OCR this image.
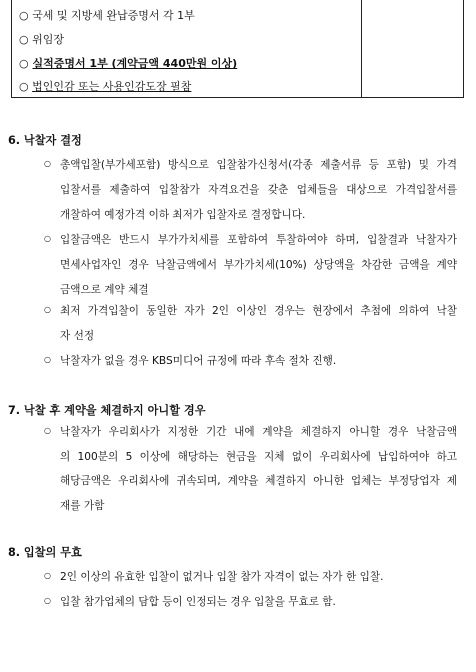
○ 국세 및 지방세 완납증명서 각 1부
○ 위임장
○ 실적증명서 1부 (계약금액 440만원 이상)
○ 법인인감 또는 사용인감도장 필참
6. 낙찰자 결정
○ 총액입찰(부가세포함) 방식으로 입찰참가신청서(각종 제출서류 등 포함) 및 가격
입찰서를 제출하여 입찰참가 자격요건을 갖춘 업체들을 대상으로 가격입찰서를
개찰하여 예정가격 이하 최저가 입찰자로 결정합니다.
○ 입찰금액은 반드시 부가가치세를 포함하여 투찰하여야 하며, 입찰결과 낙찰자가
면세사업자인 경우 낙찰금액에서 부가가치세(10%) 상당액을 차감한 금액을 계약
금액으로 계약 체결
○ 최저 가격입찰이 동일한 자가 2인 이상인 경우는 현장에서 추첨에 의하여 낙찰
자 선정
○ 낙찰자가 없을 경우 KBS미디어 규정에 따라 후속 절차 진행.
7. 낙찰 후 계약을 체결하지 아니할 경우
○ 낙찰자가 우리회사가 지정한 기간 내에 계약을 체결하지 아니할 경우 낙찰금액
의 100분의 5 이상에 해당하는 현금을 지체 없이 우리회사에 납입하여야 하고
해당금액은 우리회사에 귀속되며, 계약을 체결하지 아니한 업체는 부정당업자 제
재를 가함
8. 입찰의 무효
○ 2인 이상의 유효한 입찰이 없거나 입찰 참가 자격이 없는 자가 한 입찰.
○ 입찰 참가업체의 담합 등이 인정되는 경우 입찰을 무효로 함.
